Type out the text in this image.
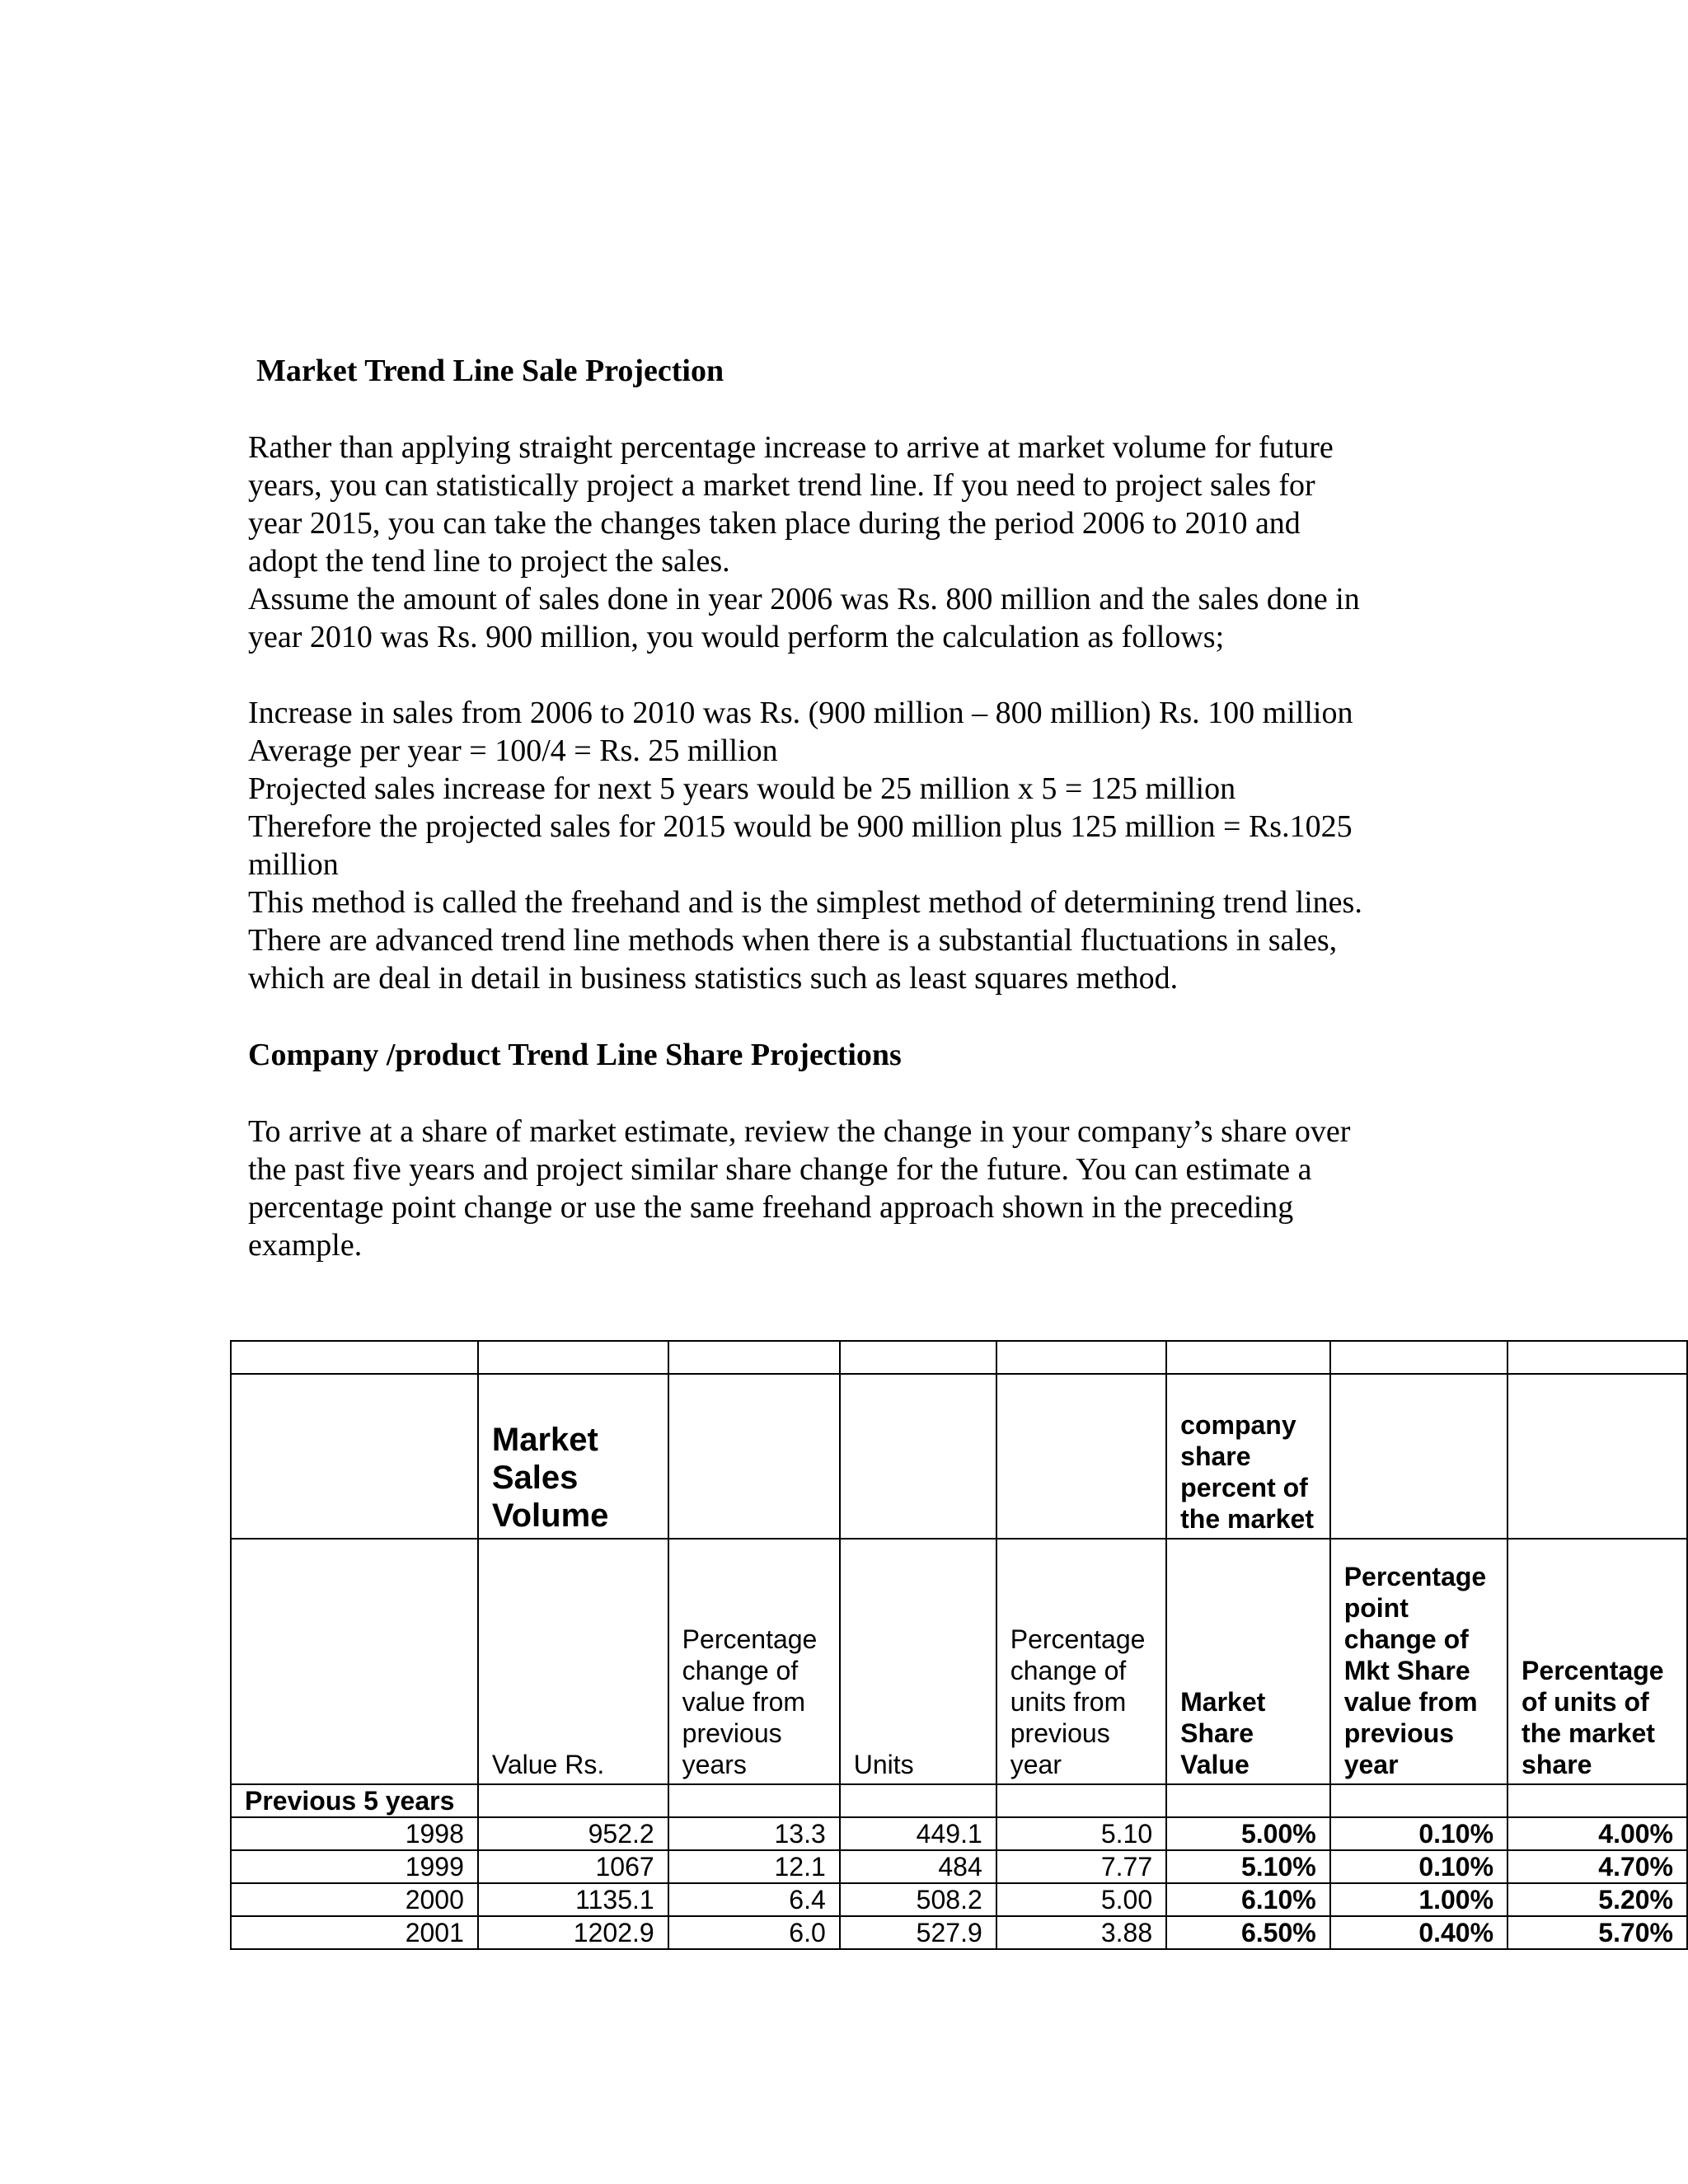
Market Trend Line Sale Projection
Rather than applying straight percentage increase to arrive at market volume for future
years, you can statistically project a market trend line. If you need to project sales for
year 2015, you can take the changes taken place during the period 2006 to 2010 and
adopt the tend line to project the sales.
Assume the amount of sales done in year 2006 was Rs. 800 million and the sales done in
year 2010 was Rs. 900 million, you would perform the calculation as follows;
Increase in sales from 2006 to 2010 was Rs. (900 million – 800 million) Rs. 100 million
Average per year = 100/4 = Rs. 25 million
Projected sales increase for next 5 years would be 25 million x 5 = 125 million
Therefore the projected sales for 2015 would be 900 million plus 125 million = Rs.1025
million
This method is called the freehand and is the simplest method of determining trend lines.
There are advanced trend line methods when there is a substantial fluctuations in sales,
which are deal in detail in business statistics such as least squares method.
Company /product Trend Line Share Projections
To arrive at a share of market estimate, review the change in your company’s share over
the past five years and project similar share change for the future. You can estimate a
percentage point change or use the same freehand approach shown in the preceding
example.

	Market Sales Volume				company share percent of the market		
	Value Rs.	Percentage change of value from previous years	Units	Percentage change of units from previous year	Market Share Value	Percentage point change of Mkt Share value from previous year	Percentage of units of the market share
Previous 5 years							
1998	952.2	13.3	449.1	5.10	5.00%	0.10%	4.00%
1999	1067	12.1	484	7.77	5.10%	0.10%	4.70%
2000	1135.1	6.4	508.2	5.00	6.10%	1.00%	5.20%
2001	1202.9	6.0	527.9	3.88	6.50%	0.40%	5.70%
